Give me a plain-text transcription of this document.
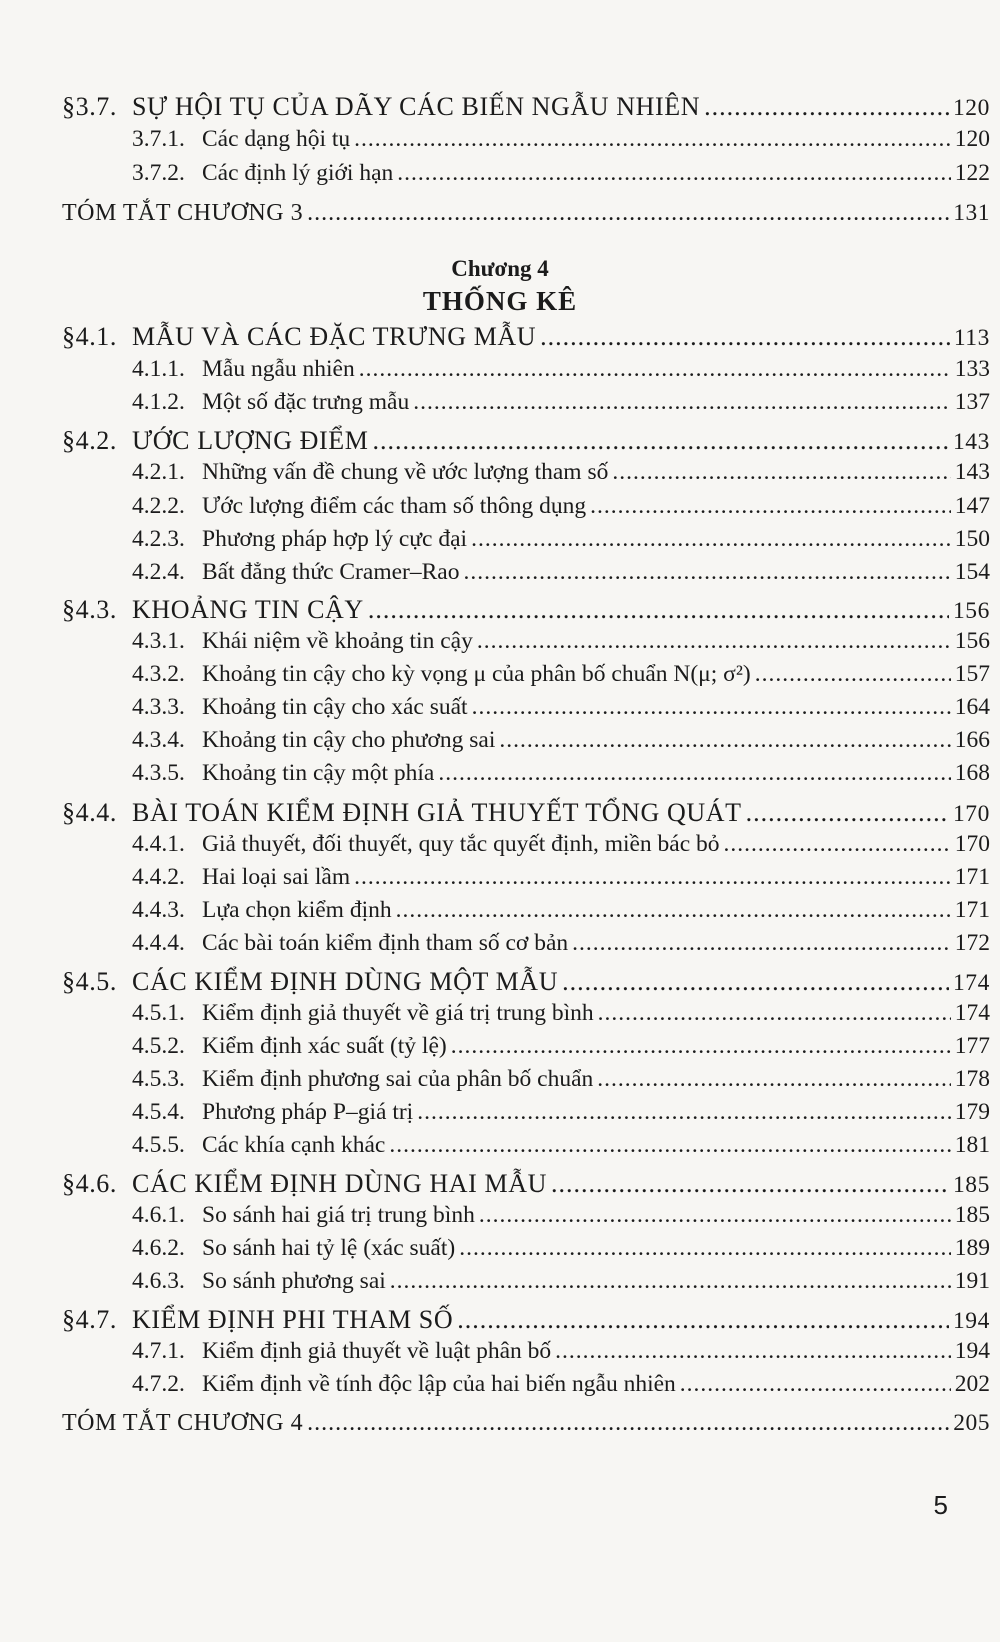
§3.7. SỰ HỘI TỤ CỦA DÃY CÁC BIẾN NGẪU NHIÊN .....	120
3.7.1. Các dạng hội tụ .....	120
3.7.2. Các định lý giới hạn .....	122
TÓM TẮT CHƯƠNG 3 .....	131
§4.1. MẪU VÀ CÁC ĐẶC TRƯNG MẪU .....	113
4.1.1. Mẫu ngẫu nhiên .....	133
4.1.2. Một số đặc trưng mẫu .....	137
§4.2. ƯỚC LƯỢNG ĐIỂM .....	143
4.2.1. Những vấn đề chung về ước lượng tham số .....	143
4.2.2. Ước lượng điểm các tham số thông dụng .....	147
4.2.3. Phương pháp hợp lý cực đại .....	150
4.2.4. Bất đẳng thức Cramer–Rao .....	154
§4.3. KHOẢNG TIN CẬY .....	156
4.3.1. Khái niệm về khoảng tin cậy .....	156
4.3.2. Khoảng tin cậy cho kỳ vọng μ của phân bố chuẩn N(μ; σ²) .....	157
4.3.3. Khoảng tin cậy cho xác suất .....	164
4.3.4. Khoảng tin cậy cho phương sai .....	166
4.3.5. Khoảng tin cậy một phía .....	168
§4.4. BÀI TOÁN KIỂM ĐỊNH GIẢ THUYẾT TỔNG QUÁT .....	170
4.4.1. Giả thuyết, đối thuyết, quy tắc quyết định, miền bác bỏ .....	170
4.4.2. Hai loại sai lầm .....	171
4.4.3. Lựa chọn kiểm định .....	171
4.4.4. Các bài toán kiểm định tham số cơ bản .....	172
§4.5. CÁC KIỂM ĐỊNH DÙNG MỘT MẪU .....	174
4.5.1. Kiểm định giả thuyết về giá trị trung bình .....	174
4.5.2. Kiểm định xác suất (tỷ lệ) .....	177
4.5.3. Kiểm định phương sai của phân bố chuẩn .....	178
4.5.4. Phương pháp P–giá trị .....	179
4.5.5. Các khía cạnh khác .....	181
§4.6. CÁC KIỂM ĐỊNH DÙNG HAI MẪU .....	185
4.6.1. So sánh hai giá trị trung bình .....	185
4.6.2. So sánh hai tỷ lệ (xác suất) .....	189
4.6.3. So sánh phương sai .....	191
§4.7. KIỂM ĐỊNH PHI THAM SỐ .....	194
4.7.1. Kiểm định giả thuyết về luật phân bố .....	194
4.7.2. Kiểm định về tính độc lập của hai biến ngẫu nhiên .....	202
TÓM TẮT CHƯƠNG 4 .....	205
Chương 4
THỐNG KÊ
5
